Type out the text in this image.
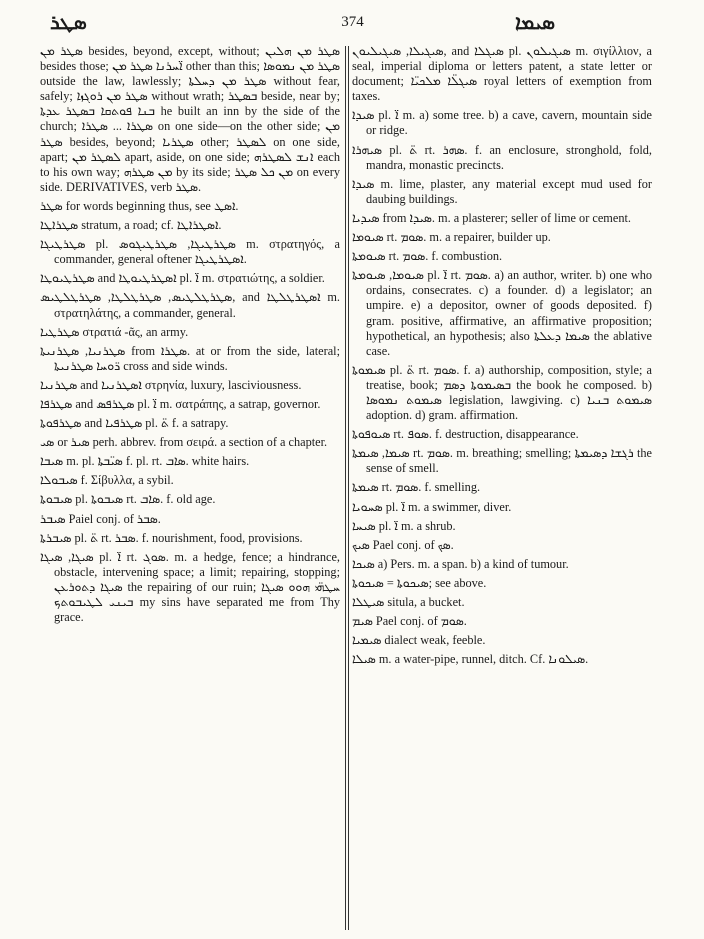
ܣܛܪ	374	ܣܝܡܐ

ܣܛܪ ܡܢ besides, beyond, except, without; ܣܛܪ ܡܢ ܗܠܝܢ besides those; ܐ̈ܚܪܢܐ ܣܛܪ ܡܢ other than this; ܣܛܪ ܡܢ ܢܡܘܣܐ outside the law, lawlessly; ܣܛܪ ܡܢ ܕܚܠܬܐ without fear, safely; ܣܛܪ ܡܢ ܪܘܓܙܐ without wrath; ܒܣܛܪ beside, near by; ܒܢܐ ܦܘܬܩܐ ܒܣܛܪ ܥܕܬܐ he built an inn by the side of the church; ܣܛܪܐ ... ܣܛܪܐ on one side—on the other side; ܡܢ ܣܛܪ besides, beyond; ܣܛܪܝܐ other; ܠܣܛܪ on one side, apart; ܠܣܛܪ ܡܢ apart, aside, on one side; ܐܢܫ ܠܣܛܪܗ each to his own way; ܡܢ ܣܛܪܗ by its side; ܡܢ ܟܠ ܣܛܪ on every side. DERIVATIVES, verb ܣܛܪ.

ܣܛܪ for words beginning thus, see ܐܣܛ.

ܣܛܪܐܛܐ stratum, a road; cf. ܐܣܛܪܐܛܐ.

ܣܛܪܛܝܓܐ pl. ܣܛܪܛܝܓܐ, ܣܛܪܛܝܓܘܣ m. στρατηγός, a commander, general oftener ܐܣܛܪܛܝܓܐ.

ܣܛܪܛܝܘܛܐ and ܐܣܛܪܛܝܘܛܐ pl. ܐ̈ m. στρατιώτης, a soldier.

ܣܛܪܛܠܛܝܣ, ܣܛܪܛܠܛܐ, ܣܛܪܛܠܛܝܣ, and ܐܣܛܪܛܠܛܐ m. στρατηλάτης, a commander, general.

ܣܛܪܛܝܐ στρατιά -ᾶς, an army.

ܣܛܪܢܝܐ, ܣܛܪܢܝܬܐ from ܣܛܪܐ. at or from the side, lateral; ܪ̈ܘܚܐ ܣܛܪܢܝܬܐ cross and side winds.

ܣܛܪܢܝܐ and ܐܣܛܪܢܝܐ στρηνία, luxury, lasciviousness.

ܣܛܪܦܐ and ܣܛܪܦܣ pl. ܐ̈ m. σατράπης, a satrap, governor.

ܣܛܪܦܘܬܐ and ܣܛܪܦܝܐ pl. ܬ̈ f. a satrapy.

ܣܝ or ܣܝܪ perh. abbrev. from σειρά. a section of a chapter.

ܣܝܒܐ m. pl. ܣܝ̈ܒܬܐ f. pl. rt. ܣܐܒ. white hairs.

ܣܝܒܘܠܐ f. Σίβυλλα, a sybil.

ܣܝܒܘܬܐ pl. ܣܝܒܘܬܐ rt. ܣܐܒ. f. old age.

ܣܝܒܪ Paiel conj. of ܣܒܪ.

ܣܝܒܪܬܐ pl. ܬ̈ rt. ܣܒܪ. f. nourishment, food, provisions.

ܣܝܓܐ, ܣܝܓܐ pl. ܐ̈ rt. ܣܘܓ. m. a hedge, fence; a hindrance, obstacle, intervening space; a limit; repairing, stopping; ܣܝܓܐ ܕܬܘܪܥܢ the repairing of our ruin; ܚܛܗ̈ܝ ܗܘܘ ܣܝܓܐ ܒܝܢܝ ܠܛܝܒܘܬܟ my sins have separated me from Thy grace.

ܣܝܓܝܠܐ, ܣܝܓܝܠܝܘܢ, and ܣܝܓܠܐ pl. ܣܝܓܝܠܘܢ m. σιγίλλιον, a seal, imperial diploma or letters patent, a state letter or document; ܣܝܓܠ̈ܐ ܡܠܟܝ̈ܐ royal letters of exemption from taxes.

ܣܝܕܐ pl. ܐ̈ m. a) some tree. b) a cave, cavern, mountain side or ridge.

ܣܝܗܪܐ pl. ܬ̈ rt. ܣܗܪ. f. an enclosure, stronghold, fold, mandra, monastic precincts.

ܣܝܕܐ m. lime, plaster, any material except mud used for daubing buildings.

ܣܝܕܝܐ from ܣܝܕܐ. m. a plasterer; seller of lime or cement.

ܣܝܘܡܐ rt. ܣܘܡ. m. a repairer, builder up.

ܣܝܘܡܬܐ rt. ܣܘܡ. f. combustion.

ܣܝܘܡܐ, ܣܝܘܡܬܐ pl. ܐ̈ rt. ܣܘܡ. a) an author, writer. b) one who ordains, consecrates. c) a founder. d) a legislator; an umpire. e) a depositor, owner of goods deposited. f) gram. positive, affirmative, an affirmative proposition; hypothetical, an hypothesis; also ܣܝܡܐ ܕܥܠܬܐ the ablative case.

ܣܝܡܘܬܐ pl. ܬ̈ rt. ܣܘܡ. f. a) authorship, composition, style; a treatise, book; ܒܣܝܡܘܬܐ ܕܣܡ the book he composed. b) ܣܝܡܘܬ ܢܡܘܣܐ legislation, lawgiving. c) ܣܝܡܘܬ ܒܢܝܐ adoption. d) gram. affirmation.

ܣܝܘܦܘܬܐ rt. ܣܘܦ. f. destruction, disappearance.

ܣܝܡܐ, ܣܝܡܬܐ rt. ܣܘܡ. m. breathing; smelling; ܪܓܫܐ ܕܣܝܡܬܐ the sense of smell.

ܣܝܡܬܐ rt. ܣܘܡ. f. smelling.

ܣܚܘܝܐ pl. ܐ̈ m. a swimmer, diver.

ܣܝܚܐ pl. ܐ̈ m. a shrub.

ܣܝܟ Pael conj. of ܣܟ.

ܣܝܟܐ a) Pers. m. a span. b) a kind of tumour.

ܣܝܟܘܬܐ = ܣܝܟܘܬܐ; see above.

ܣܝܛܠܐ situla, a bucket.

ܣܝܡ Pael conj. of ܣܘܡ.

ܣܝܡܝܐ dialect weak, feeble.

ܣܝܠܐ m. a water-pipe, runnel, ditch. Cf. ܣܝܠܘܢܐ.
